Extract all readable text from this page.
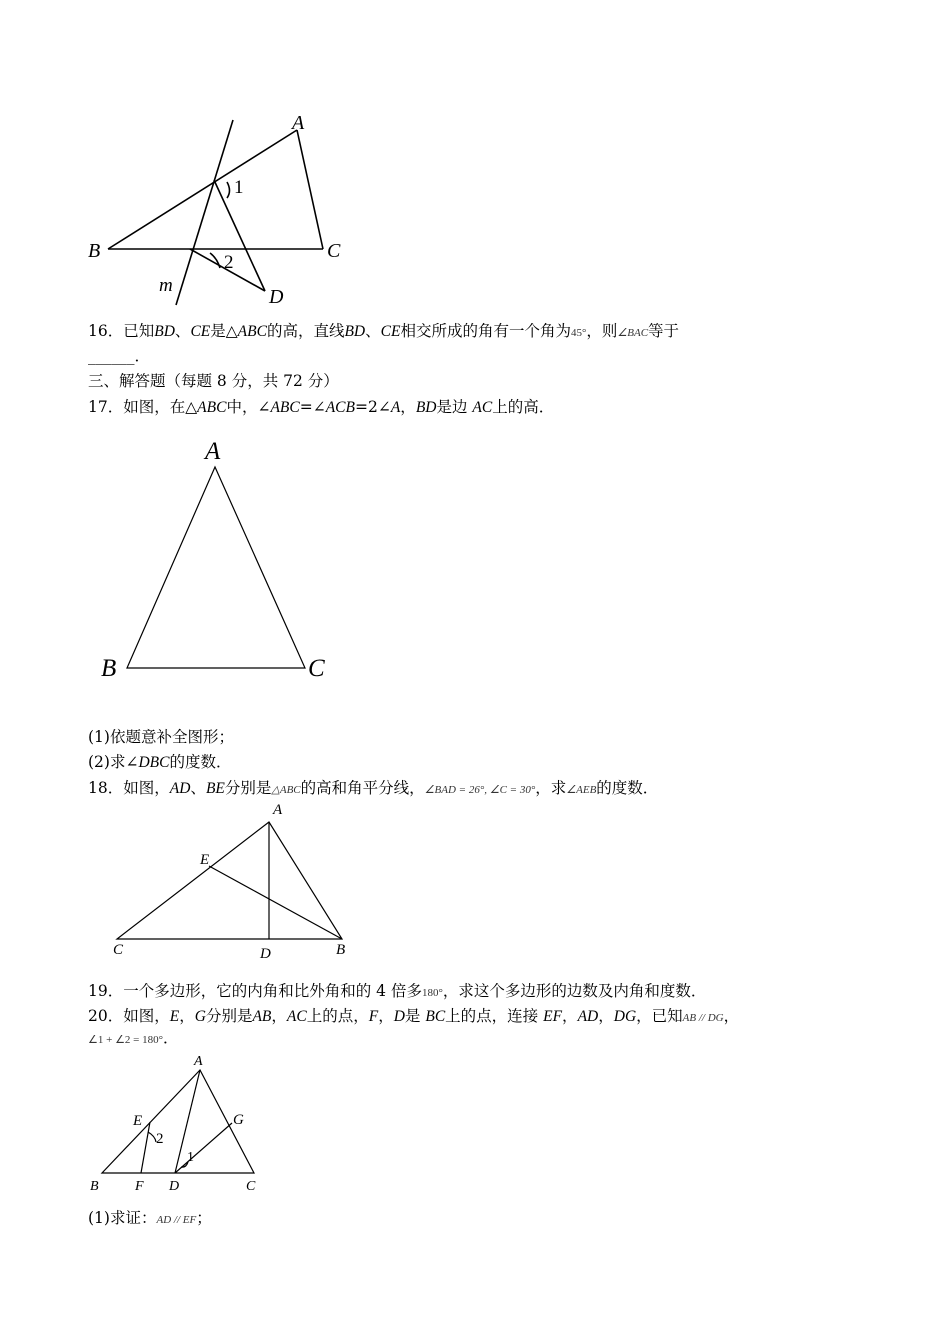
A
B	C
D
m
1
2
16．已知BD、CE是△ABC的高，直线BD、CE相交所成的角有一个角为45°，则∠BAC等于
______．
三、解答题（每题 8 分，共 72 分）
17．如图，在△ABC中，∠ABC=∠ACB=2∠A，BD是边 AC上的高．
A
B	C
(1)依题意补全图形；
(2)求∠DBC的度数．
18．如图，AD、BE分别是△ABC的高和角平分线，∠BAD = 26°, ∠C = 30°，求∠AEB的度数．
A
C	D	B
E
19．一个多边形，它的内角和比外角和的 4 倍多180°，求这个多边形的边数及内角和度数．
20．如图，E，G分别是AB，AC上的点，F，D是 BC上的点，连接 EF，AD，DG，已知AB // DG，
∠1 + ∠2 = 180°．
A
B	F D	C
E	G
2
1
(1)求证：AD // EF；
